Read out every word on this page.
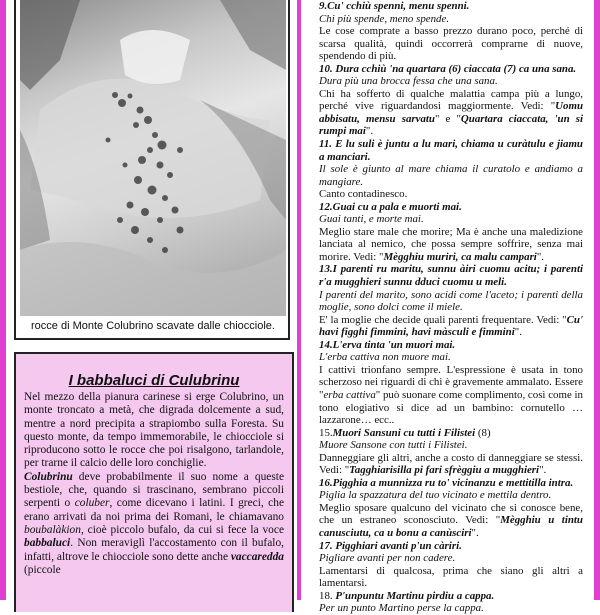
rocce di Monte Colubrino scavate dalle chiocciole.
I babbaluci di Culubrinu

Nel mezzo della pianura carinese si erge Colubrino, un monte troncato a metà, che digrada dolcemente a sud, mentre a nord precipita a strapiombo sulla Foresta. Su questo monte, da tempo immemorabile, le chiocciole si riproducono sotto le rocce che poi risalgono, tarlandole, per trarne il calcio delle loro conchiglie.

Colubrinu deve probabilmente il suo nome a queste bestiole, che, quando si trascinano, sembrano piccoli serpenti o coluber, come dicevano i latini. I greci, che erano arrivati da noi prima dei Romani, le chiamavano boubalàkion, cioè piccolo bufalo, da cui si fece la voce babbaluci. Non meraviglì l'accostamento con il bufalo, infatti, altrove le chiocciole sono dette anche vaccaredda (piccole

9.Cu' cchiù spenni, menu spenni.

Chi più spende, meno spende.

Le cose comprate a basso prezzo durano poco, perché di scarsa qualità, quindi occorrerà comprarne di nuove, spendendo di più.

10. Dura cchiù 'na quartara (6) ciaccata (7) ca una sana.

Dura più una brocca fessa che una sana.

Chi ha sofferto di qualche malattia campa più a lungo, perché vive riguardandosi maggiormente. Vedi: "Uomu abbisatu, mensu sarvatu" e "Quartara ciaccata, 'un si rumpi mai".

11. E lu suli è juntu a lu mari, chiama u curàtulu e jiamu a manciari.

Il sole è giunto al mare chiama il curatolo e andiamo a mangiare.

Canto contadinesco.

12.Guai cu a pala e muorti mai.

Guai tanti, e morte mai.

Meglio stare male che morire; Ma è anche una maledizione lanciata al nemico, che possa sempre soffrire, senza mai morire. Vedi: "Mègghiu muriri, ca malu campari".

13.I parenti ru maritu, sunnu àiri cuomu acitu; i parenti r'a mugghieri sunnu dduci cuomu u meli.

I parenti del marito, sono acidi come l'aceto; i parenti della moglie, sono dolci come il miele.

E' la moglie che decide quali parenti frequentare. Vedi: "Cu' havi figghi fimmini, havi màsculi e fimmini".

14.L'erva tinta 'un muori mai.

L'erba cattiva non muore mai.

I cattivi trionfano sempre. L'espressione è usata in tono scherzoso nei riguardi di chi è gravemente ammalato. Essere "erba cattiva" può suonare come complimento, così come in tono elogiativo si dice ad un bambino: cornutello …lazzarone… ecc..

15.Muori Sansuni cu tutti i Filistei (8)

Muore Sansone con tutti i Filistei.

Danneggiare gli altri, anche a costo di danneggiare se stessi. Vedi: "Tagghiarisilla pi fari sfrèggiu a mugghieri".

16.Pigghia a munnizza ru to' vicinanzu e mettitilla intra.

Piglia la spazzatura del tuo vicinato e mettila dentro.

Meglio sposare qualcuno del vicinato che si conosce bene, che un estraneo sconosciuto. Vedi: "Mègghiu u tintu canusciutu, ca u bonu a canùsciri".

17. Pigghiari avanti p'un càriri.

Pigliare avanti per non cadere.

Lamentarsi di qualcosa, prima che siano gli altri a lamentarsi.

18. P'unpuntu Martinu pirdiu a cappa.

Per un punto Martino perse la cappa.
